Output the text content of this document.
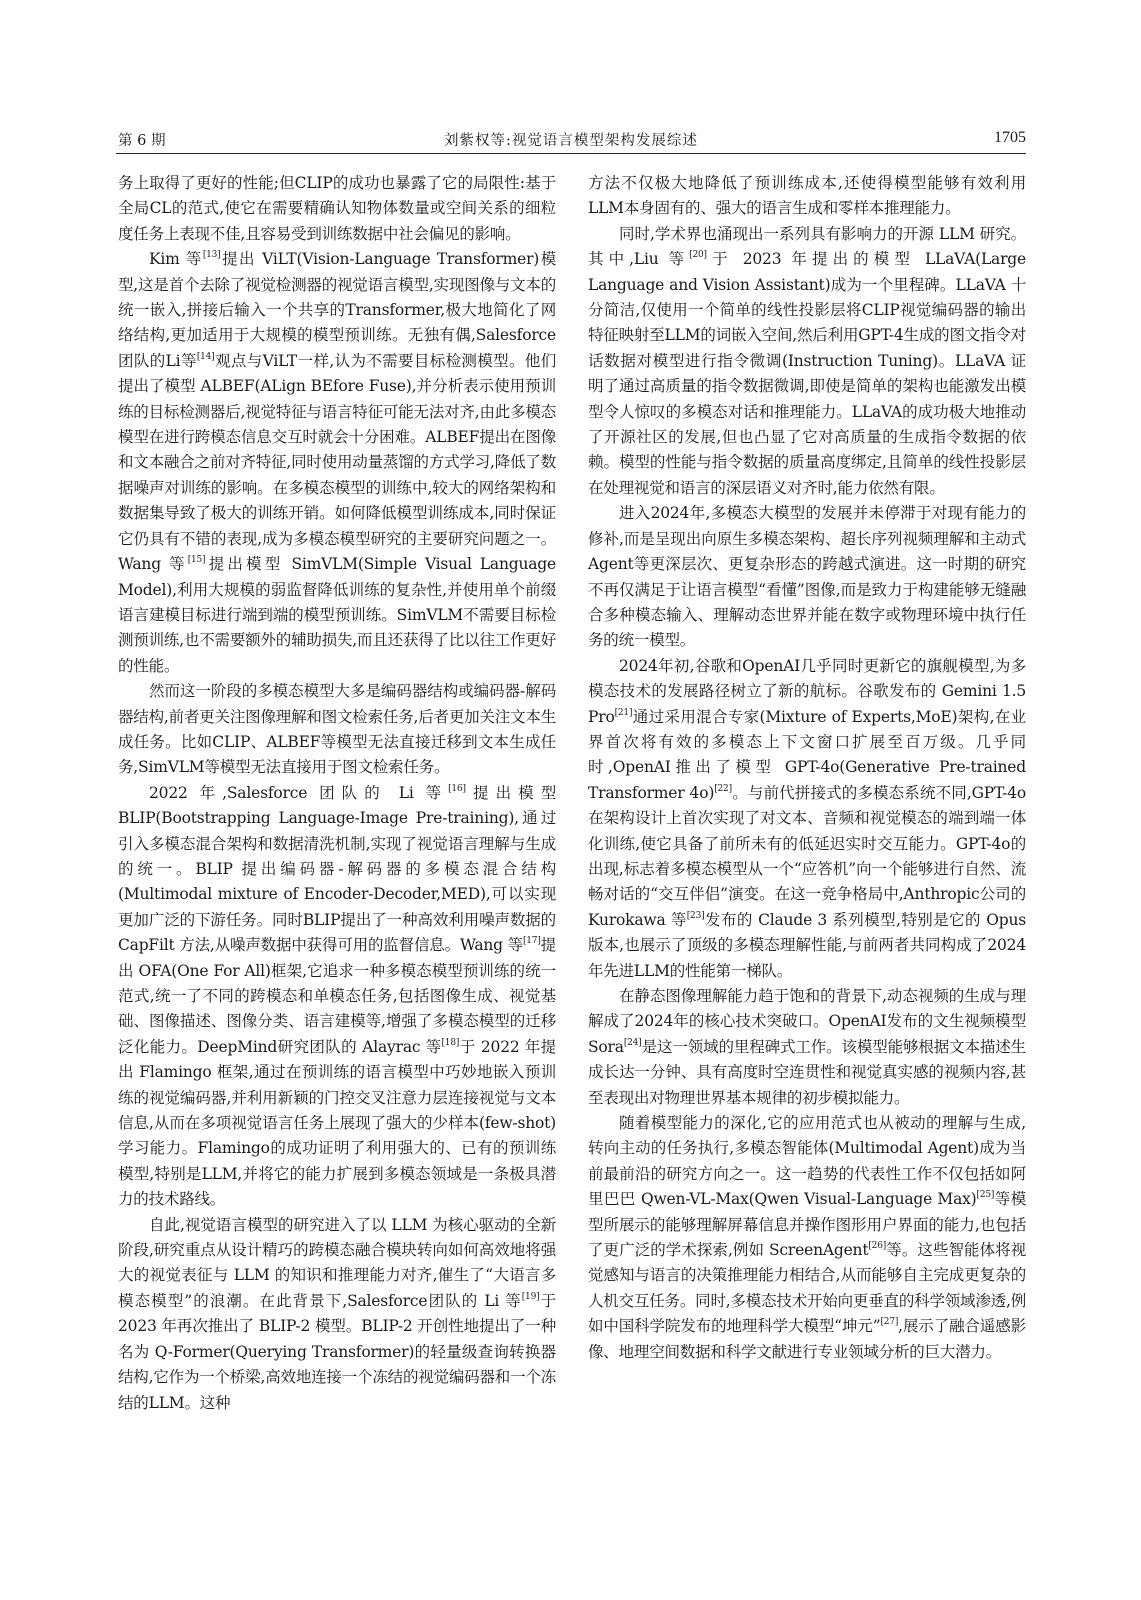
第 6 期	刘紫权等:视觉语言模型架构发展综述	1705

务上取得了更好的性能;但CLIP的成功也暴露了它的局限性:基于全局CL的范式,使它在需要精确认知物体数量或空间关系的细粒度任务上表现不佳,且容易受到训练数据中社会偏见的影响。

Kim 等[13]提出 ViLT(Vision-Language Transformer)模型,这是首个去除了视觉检测器的视觉语言模型,实现图像与文本的统一嵌入,拼接后输入一个共享的Transformer,极大地简化了网络结构,更加适用于大规模的模型预训练。无独有偶,Salesforce团队的Li等[14]观点与ViLT一样,认为不需要目标检测模型。他们提出了模型 ALBEF(ALign BEfore Fuse),并分析表示使用预训练的目标检测器后,视觉特征与语言特征可能无法对齐,由此多模态模型在进行跨模态信息交互时就会十分困难。ALBEF提出在图像和文本融合之前对齐特征,同时使用动量蒸馏的方式学习,降低了数据噪声对训练的影响。在多模态模型的训练中,较大的网络架构和数据集导致了极大的训练开销。如何降低模型训练成本,同时保证它仍具有不错的表现,成为多模态模型研究的主要研究问题之一。Wang 等[15]提出模型 SimVLM(Simple Visual Language Model),利用大规模的弱监督降低训练的复杂性,并使用单个前缀语言建模目标进行端到端的模型预训练。SimVLM不需要目标检测预训练,也不需要额外的辅助损失,而且还获得了比以往工作更好的性能。

然而这一阶段的多模态模型大多是编码器结构或编码器-解码器结构,前者更关注图像理解和图文检索任务,后者更加关注文本生成任务。比如CLIP、ALBEF等模型无法直接迁移到文本生成任务,SimVLM等模型无法直接用于图文检索任务。

2022 年,Salesforce 团队的 Li 等[16]提出模型 BLIP(Bootstrapping Language-Image Pre-training),通过引入多模态混合架构和数据清洗机制,实现了视觉语言理解与生成的统一。BLIP 提出编码器-解码器的多模态混合结构(Multimodal mixture of Encoder-Decoder,MED),可以实现更加广泛的下游任务。同时BLIP提出了一种高效利用噪声数据的 CapFilt 方法,从噪声数据中获得可用的监督信息。Wang 等[17]提出 OFA(One For All)框架,它追求一种多模态模型预训练的统一范式,统一了不同的跨模态和单模态任务,包括图像生成、视觉基础、图像描述、图像分类、语言建模等,增强了多模态模型的迁移泛化能力。DeepMind研究团队的 Alayrac 等[18]于 2022 年提出 Flamingo 框架,通过在预训练的语言模型中巧妙地嵌入预训练的视觉编码器,并利用新颖的门控交叉注意力层连接视觉与文本信息,从而在多项视觉语言任务上展现了强大的少样本(few-shot)学习能力。Flamingo的成功证明了利用强大的、已有的预训练模型,特别是LLM,并将它的能力扩展到多模态领域是一条极具潜力的技术路线。

自此,视觉语言模型的研究进入了以 LLM 为核心驱动的全新阶段,研究重点从设计精巧的跨模态融合模块转向如何高效地将强大的视觉表征与 LLM 的知识和推理能力对齐,催生了“大语言多模态模型”的浪潮。在此背景下,Salesforce团队的 Li 等[19]于 2023 年再次推出了 BLIP-2 模型。BLIP-2 开创性地提出了一种名为 Q-Former(Querying Transformer)的轻量级查询转换器结构,它作为一个桥梁,高效地连接一个冻结的视觉编码器和一个冻结的LLM。这种

方法不仅极大地降低了预训练成本,还使得模型能够有效利用LLM本身固有的、强大的语言生成和零样本推理能力。

同时,学术界也涌现出一系列具有影响力的开源 LLM 研究。其中,Liu 等[20]于 2023 年提出的模型 LLaVA(Large Language and Vision Assistant)成为一个里程碑。LLaVA 十分简洁,仅使用一个简单的线性投影层将CLIP视觉编码器的输出特征映射至LLM的词嵌入空间,然后利用GPT-4生成的图文指令对话数据对模型进行指令微调(Instruction Tuning)。LLaVA 证明了通过高质量的指令数据微调,即使是简单的架构也能激发出模型令人惊叹的多模态对话和推理能力。LLaVA的成功极大地推动了开源社区的发展,但也凸显了它对高质量的生成指令数据的依赖。模型的性能与指令数据的质量高度绑定,且简单的线性投影层在处理视觉和语言的深层语义对齐时,能力依然有限。

进入2024年,多模态大模型的发展并未停滞于对现有能力的修补,而是呈现出向原生多模态架构、超长序列视频理解和主动式Agent等更深层次、更复杂形态的跨越式演进。这一时期的研究不再仅满足于让语言模型“看懂”图像,而是致力于构建能够无缝融合多种模态输入、理解动态世界并能在数字或物理环境中执行任务的统一模型。

2024年初,谷歌和OpenAI几乎同时更新它的旗舰模型,为多模态技术的发展路径树立了新的航标。谷歌发布的 Gemini 1.5 Pro[21]通过采用混合专家(Mixture of Experts,MoE)架构,在业界首次将有效的多模态上下文窗口扩展至百万级。几乎同时,OpenAI推出了模型 GPT-4o(Generative Pre-trained Transformer 4o)[22]。与前代拼接式的多模态系统不同,GPT-4o在架构设计上首次实现了对文本、音频和视觉模态的端到端一体化训练,使它具备了前所未有的低延迟实时交互能力。GPT-4o的出现,标志着多模态模型从一个“应答机”向一个能够进行自然、流畅对话的“交互伴侣”演变。在这一竞争格局中,Anthropic公司的 Kurokawa 等[23]发布的 Claude 3 系列模型,特别是它的 Opus 版本,也展示了顶级的多模态理解性能,与前两者共同构成了2024年先进LLM的性能第一梯队。

在静态图像理解能力趋于饱和的背景下,动态视频的生成与理解成了2024年的核心技术突破口。OpenAI发布的文生视频模型 Sora[24]是这一领域的里程碑式工作。该模型能够根据文本描述生成长达一分钟、具有高度时空连贯性和视觉真实感的视频内容,甚至表现出对物理世界基本规律的初步模拟能力。

随着模型能力的深化,它的应用范式也从被动的理解与生成,转向主动的任务执行,多模态智能体(Multimodal Agent)成为当前最前沿的研究方向之一。这一趋势的代表性工作不仅包括如阿里巴巴 Qwen-VL-Max(Qwen Visual-Language Max)[25]等模型所展示的能够理解屏幕信息并操作图形用户界面的能力,也包括了更广泛的学术探索,例如 ScreenAgent[26]等。这些智能体将视觉感知与语言的决策推理能力相结合,从而能够自主完成更复杂的人机交互任务。同时,多模态技术开始向更垂直的科学领域渗透,例如中国科学院发布的地理科学大模型“坤元”[27],展示了融合遥感影像、地理空间数据和科学文献进行专业领域分析的巨大潜力。
